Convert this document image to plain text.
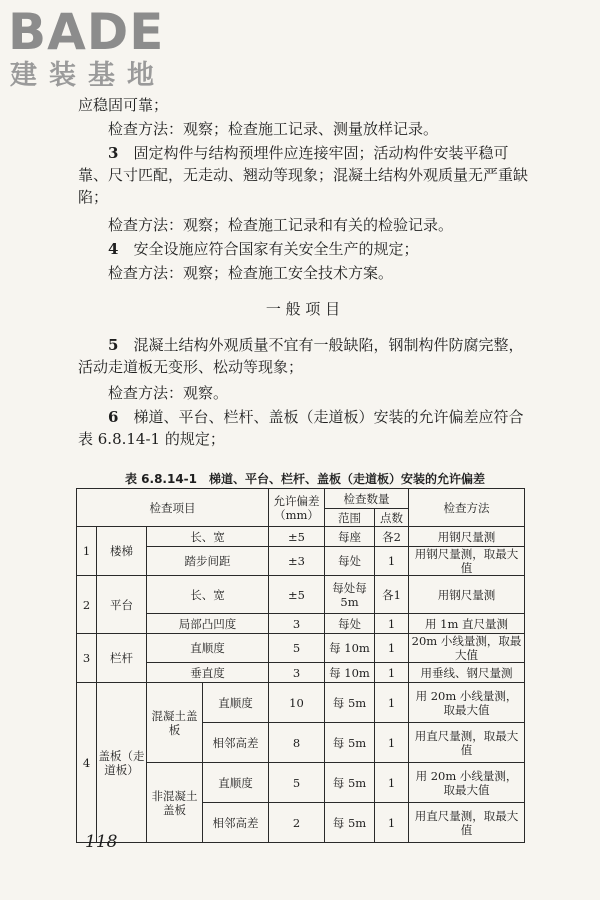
BADE
建装基地

应稳固可靠；

检查方法：观察；检查施工记录、测量放样记录。

3　 固定构件与结构预埋件应连接牢固；活动构件安装平稳可靠、尺寸匹配，无走动、翘动等现象；混凝土结构外观质量无严重缺陷；

检查方法：观察；检查施工记录和有关的检验记录。

4　 安全设施应符合国家有关安全生产的规定；

检查方法：观察；检查施工安全技术方案。

一 般 项 目

5　 混凝土结构外观质量不宜有一般缺陷，钢制构件防腐完整，活动走道板无变形、松动等现象；

检查方法：观察。

6　 梯道、平台、栏杆、盖板（走道板）安装的允许偏差应符合表 6.8.14-1 的规定；

表 6.8.14-1　梯道、平台、栏杆、盖板（走道板）安装的允许偏差
检查项目				允许偏差（mm）	检查数量		检查方法
					范围	点数	
1	楼梯	长、宽		±5	每座	各2	用钢尺量测
		踏步间距		±3	每处	1	用钢尺量测，取最大值
2	平台	长、宽		±5	每处每5m	各1	用钢尺量测
		局部凸凹度		3	每处	1	用 1m 直尺量测
3	栏杆	直顺度		5	每 10m	1	20m 小线量测，取最大值
		垂直度		3	每 10m	1	用垂线、钢尺量测
4	盖板（走道板）	混凝土盖板	直顺度	10	每 5m	1	用 20m 小线量测，取最大值
			相邻高差	8	每 5m	1	用直尺量测，取最大值
		非混凝土盖板	直顺度	5	每 5m	1	用 20m 小线量测，取最大值
			相邻高差	2	每 5m	1	用直尺量测，取最大值
118
